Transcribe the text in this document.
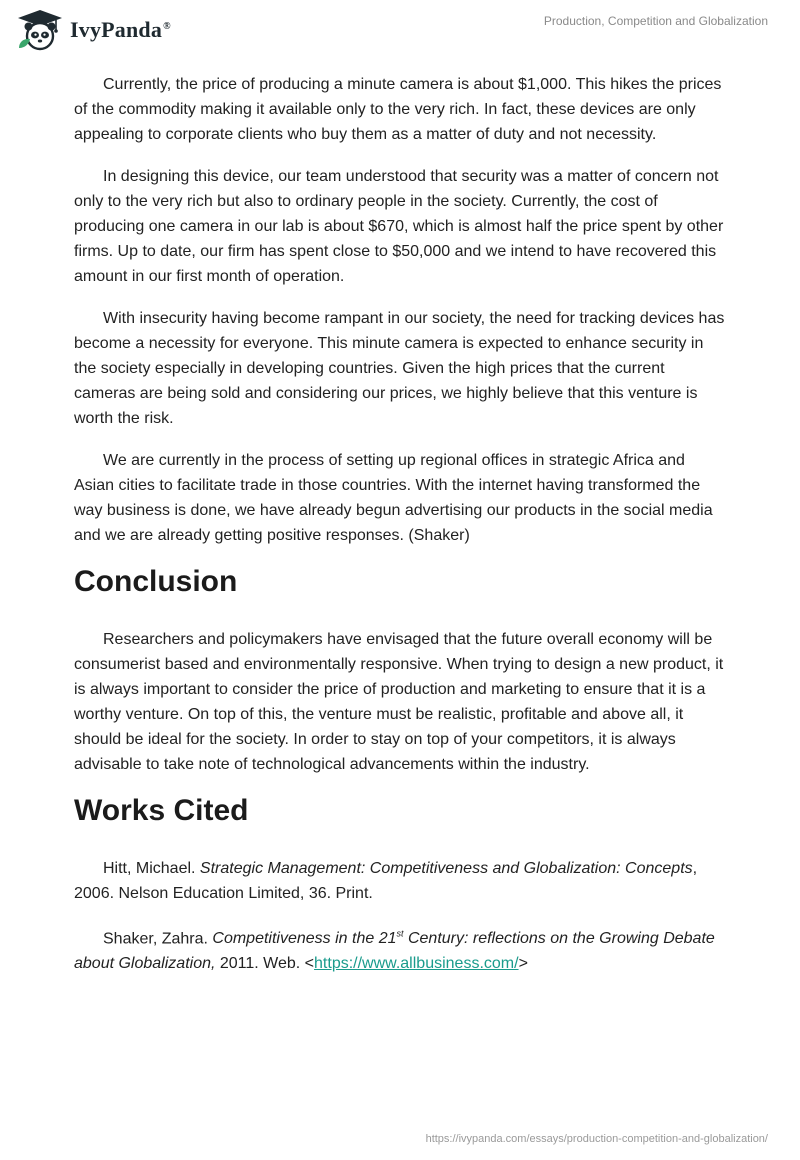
IvyPanda®	Production, Competition and Globalization

Currently, the price of producing a minute camera is about $1,000. This hikes the prices of the commodity making it available only to the very rich. In fact, these devices are only appealing to corporate clients who buy them as a matter of duty and not necessity.

In designing this device, our team understood that security was a matter of concern not only to the very rich but also to ordinary people in the society. Currently, the cost of producing one camera in our lab is about $670, which is almost half the price spent by other firms. Up to date, our firm has spent close to $50,000 and we intend to have recovered this amount in our first month of operation.

With insecurity having become rampant in our society, the need for tracking devices has become a necessity for everyone. This minute camera is expected to enhance security in the society especially in developing countries. Given the high prices that the current cameras are being sold and considering our prices, we highly believe that this venture is worth the risk.

We are currently in the process of setting up regional offices in strategic Africa and Asian cities to facilitate trade in those countries. With the internet having transformed the way business is done, we have already begun advertising our products in the social media and we are already getting positive responses. (Shaker)

Conclusion

Researchers and policymakers have envisaged that the future overall economy will be consumerist based and environmentally responsive. When trying to design a new product, it is always important to consider the price of production and marketing to ensure that it is a worthy venture. On top of this, the venture must be realistic, profitable and above all, it should be ideal for the society. In order to stay on top of your competitors, it is always advisable to take note of technological advancements within the industry.

Works Cited

Hitt, Michael. Strategic Management: Competitiveness and Globalization: Concepts, 2006. Nelson Education Limited, 36. Print.

Shaker, Zahra. Competitiveness in the 21st Century: reflections on the Growing Debate about Globalization, 2011. Web. <https://www.allbusiness.com/>

https://ivypanda.com/essays/production-competition-and-globalization/
